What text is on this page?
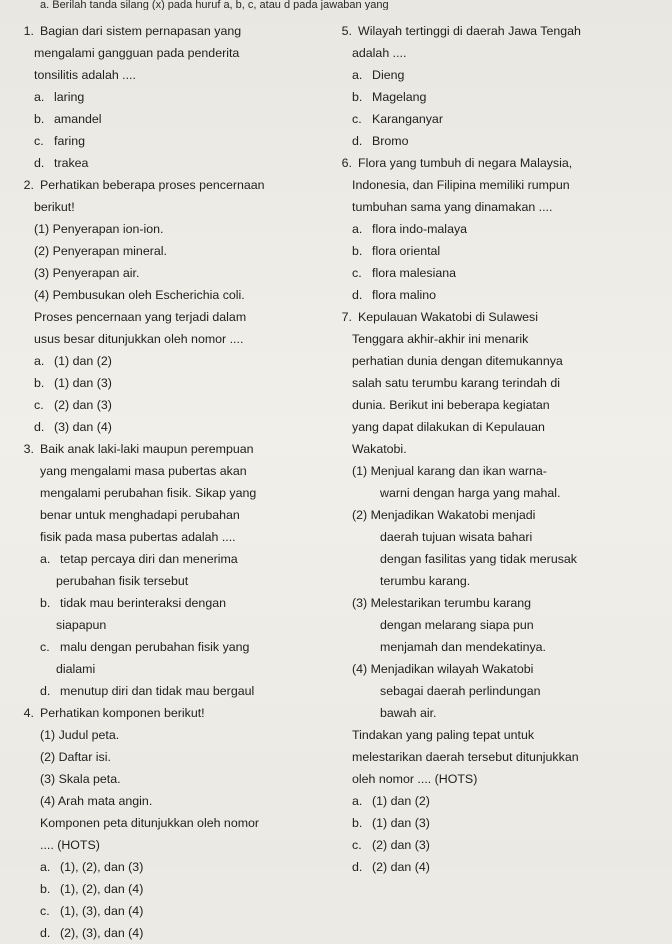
a. Berilah tanda silang (x) pada huruf a, b, c, atau d pada jawaban yang
1. Bagian dari sistem pernapasan yang
mengalami gangguan pada penderita
tonsilitis adalah ....
a. laring
b. amandel
c. faring
d. trakea
2. Perhatikan beberapa proses pencernaan
berikut!
(1) Penyerapan ion-ion.
(2) Penyerapan mineral.
(3) Penyerapan air.
(4) Pembusukan oleh Escherichia coli.
Proses pencernaan yang terjadi dalam
usus besar ditunjukkan oleh nomor ....
a. (1) dan (2)
b. (1) dan (3)
c. (2) dan (3)
d. (3) dan (4)
3. Baik anak laki-laki maupun perempuan
yang mengalami masa pubertas akan
mengalami perubahan fisik. Sikap yang
benar untuk menghadapi perubahan
fisik pada masa pubertas adalah ....
a. tetap percaya diri dan menerima
perubahan fisik tersebut
b. tidak mau berinteraksi dengan
siapapun
c. malu dengan perubahan fisik yang
dialami
d. menutup diri dan tidak mau bergaul
4. Perhatikan komponen berikut!
(1) Judul peta.
(2) Daftar isi.
(3) Skala peta.
(4) Arah mata angin.
Komponen peta ditunjukkan oleh nomor
.... (HOTS)
a. (1), (2), dan (3)
b. (1), (2), dan (4)
c. (1), (3), dan (4)
d. (2), (3), dan (4)
5. Wilayah tertinggi di daerah Jawa Tengah
adalah ....
a. Dieng
b. Magelang
c. Karanganyar
d. Bromo
6. Flora yang tumbuh di negara Malaysia,
Indonesia, dan Filipina memiliki rumpun
tumbuhan sama yang dinamakan ....
a. flora indo-malaya
b. flora oriental
c. flora malesiana
d. flora malino
7. Kepulauan Wakatobi di Sulawesi
Tenggara akhir-akhir ini menarik
perhatian dunia dengan ditemukannya
salah satu terumbu karang terindah di
dunia. Berikut ini beberapa kegiatan
yang dapat dilakukan di Kepulauan
Wakatobi.
(1) Menjual karang dan ikan warna-
warni dengan harga yang mahal.
(2) Menjadikan Wakatobi menjadi
daerah tujuan wisata bahari
dengan fasilitas yang tidak merusak
terumbu karang.
(3) Melestarikan terumbu karang
dengan melarang siapa pun
menjamah dan mendekatinya.
(4) Menjadikan wilayah Wakatobi
sebagai daerah perlindungan
bawah air.
Tindakan yang paling tepat untuk
melestarikan daerah tersebut ditunjukkan
oleh nomor .... (HOTS)
a. (1) dan (2)
b. (1) dan (3)
c. (2) dan (3)
d. (2) dan (4)
